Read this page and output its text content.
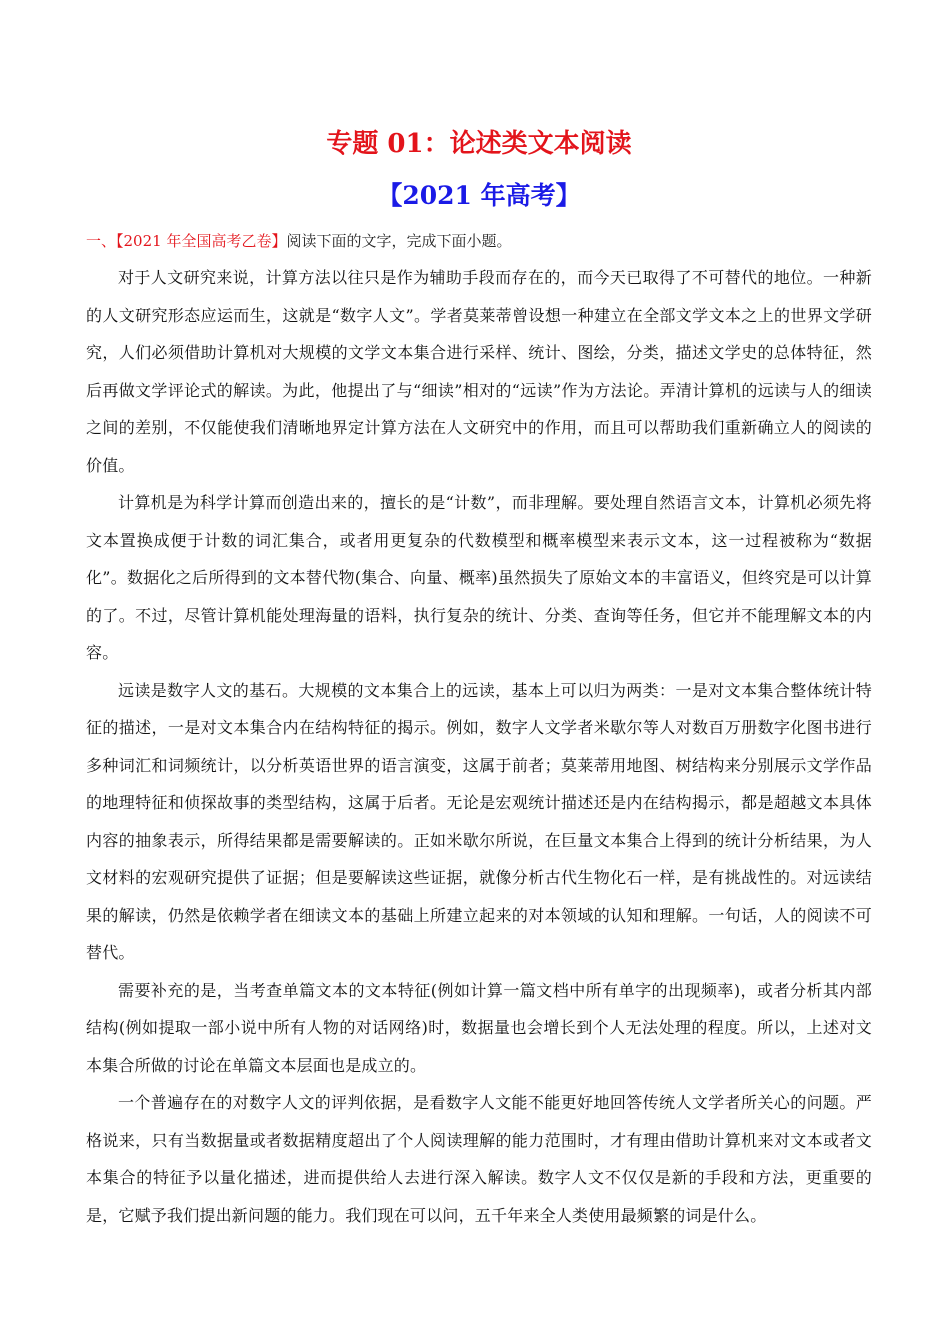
专题 01：论述类文本阅读
【2021 年高考】
一、【2021 年全国高考乙卷】阅读下面的文字，完成下面小题。

对于人文研究来说，计算方法以往只是作为辅助手段而存在的，而今天已取得了不可替代的地位。一种新的人文研究形态应运而生，这就是“数字人文”。学者莫莱蒂曾设想一种建立在全部文学文本之上的世界文学研究，人们必须借助计算机对大规模的文学文本集合进行采样、统计、图绘，分类，描述文学史的总体特征，然后再做文学评论式的解读。为此，他提出了与“细读”相对的“远读”作为方法论。弄清计算机的远读与人的细读之间的差别，不仅能使我们清晰地界定计算方法在人文研究中的作用，而且可以帮助我们重新确立人的阅读的价值。

计算机是为科学计算而创造出来的，擅长的是“计数”，而非理解。要处理自然语言文本，计算机必须先将文本置换成便于计数的词汇集合，或者用更复杂的代数模型和概率模型来表示文本，这一过程被称为“数据化”。数据化之后所得到的文本替代物(集合、向量、概率)虽然损失了原始文本的丰富语义，但终究是可以计算的了。不过，尽管计算机能处理海量的语料，执行复杂的统计、分类、查询等任务，但它并不能理解文本的内容。

远读是数字人文的基石。大规模的文本集合上的远读，基本上可以归为两类：一是对文本集合整体统计特征的描述，一是对文本集合内在结构特征的揭示。例如，数字人文学者米歇尔等人对数百万册数字化图书进行多种词汇和词频统计，以分析英语世界的语言演变，这属于前者；莫莱蒂用地图、树结构来分别展示文学作品的地理特征和侦探故事的类型结构，这属于后者。无论是宏观统计描述还是内在结构揭示，都是超越文本具体内容的抽象表示，所得结果都是需要解读的。正如米歇尔所说，在巨量文本集合上得到的统计分析结果，为人文材料的宏观研究提供了证据；但是要解读这些证据，就像分析古代生物化石一样，是有挑战性的。对远读结果的解读，仍然是依赖学者在细读文本的基础上所建立起来的对本领域的认知和理解。一句话，人的阅读不可替代。

需要补充的是，当考查单篇文本的文本特征(例如计算一篇文档中所有单字的出现频率)，或者分析其内部结构(例如提取一部小说中所有人物的对话网络)时，数据量也会增长到个人无法处理的程度。所以，上述对文本集合所做的讨论在单篇文本层面也是成立的。

一个普遍存在的对数字人文的评判依据，是看数字人文能不能更好地回答传统人文学者所关心的问题。严格说来，只有当数据量或者数据精度超出了个人阅读理解的能力范围时，才有理由借助计算机来对文本或者文本集合的特征予以量化描述，进而提供给人去进行深入解读。数字人文不仅仅是新的手段和方法，更重要的是，它赋予我们提出新问题的能力。我们现在可以问，五千年来全人类使用最频繁的词是什么。
